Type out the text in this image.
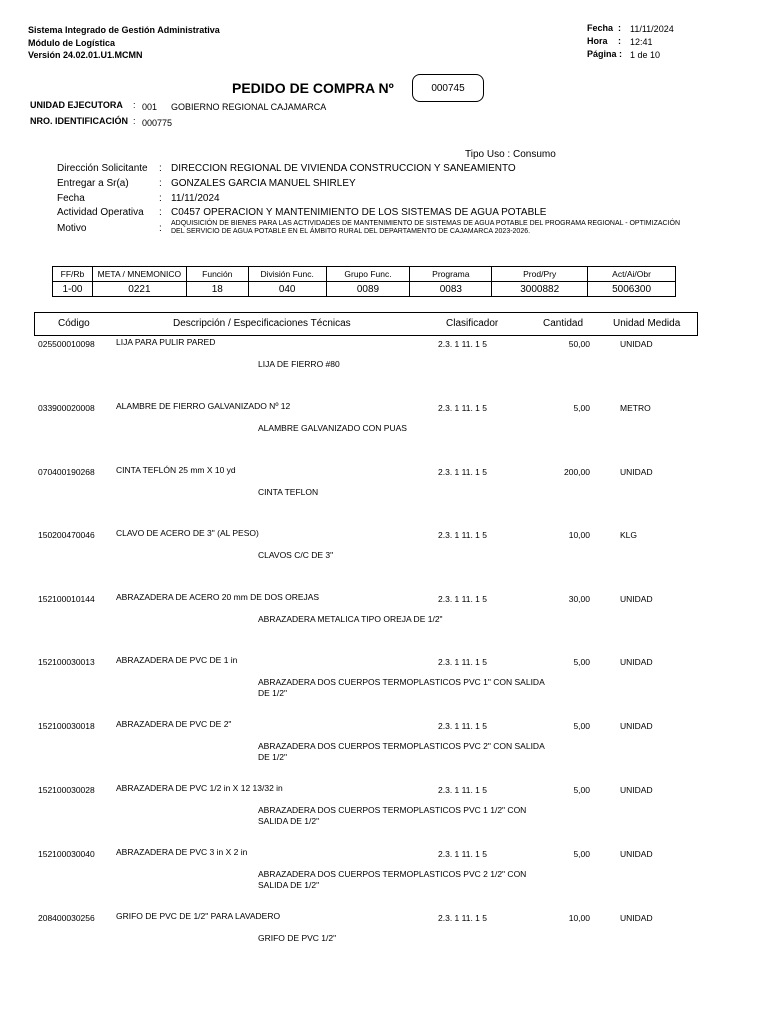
Sistema Integrado de Gestión Administrativa
Módulo de Logística
Versión 24.02.01.U1.MCMN
Fecha : 11/11/2024
Hora : 12:41
Página : 1 de 10
PEDIDO DE COMPRA Nº	000745
UNIDAD EJECUTORA : 001 GOBIERNO REGIONAL CAJAMARCA
NRO. IDENTIFICACIÓN : 000775
Tipo Uso : Consumo
Dirección Solicitante : DIRECCION REGIONAL DE VIVIENDA CONSTRUCCION Y SANEAMIENTO
Entregar a Sr(a)	: GONZALES GARCIA MANUEL SHIRLEY
Fecha	: 11/11/2024
Actividad Operativa : C0457 OPERACION Y MANTENIMIENTO DE LOS SISTEMAS DE AGUA POTABLE
Motivo	: ADQUISICIÓN DE BIENES PARA LAS ACTIVIDADES DE MANTENIMIENTO DE SISTEMAS DE AGUA POTABLE DEL PROGRAMA REGIONAL - OPTIMIZACIÓN DEL SERVICIO DE AGUA POTABLE EN EL ÁMBITO RURAL DEL DEPARTAMENTO DE CAJAMARCA 2023-2026.
FF/Rb	META / MNEMONICO	Función	División Func.	Grupo Func.	Programa	Prod/Pry	Act/Ai/Obr
1-00	0221	18	040	0089	0083	3000882	5006300
Código	Descripción / Especificaciones Técnicas	Clasificador	Cantidad	Unidad Medida
025500010098	LIJA PARA PULIR PARED	2.3. 1 11. 1 5	50,00	UNIDAD
LIJA DE FIERRO #80
033900020008	ALAMBRE DE FIERRO GALVANIZADO Nº 12	2.3. 1 11. 1 5	5,00	METRO
ALAMBRE GALVANIZADO CON PUAS
070400190268	CINTA TEFLÓN 25 mm X 10 yd	2.3. 1 11. 1 5	200,00	UNIDAD
CINTA TEFLON
150200470046	CLAVO DE ACERO DE 3" (AL PESO)	2.3. 1 11. 1 5	10,00	KLG
CLAVOS C/C DE 3"
152100010144	ABRAZADERA DE ACERO 20 mm DE DOS OREJAS	2.3. 1 11. 1 5	30,00	UNIDAD
ABRAZADERA METALICA TIPO OREJA DE 1/2"
152100030013	ABRAZADERA DE PVC DE 1 in	2.3. 1 11. 1 5	5,00	UNIDAD
ABRAZADERA DOS CUERPOS TERMOPLASTICOS PVC 1" CON SALIDA DE 1/2"
152100030018	ABRAZADERA DE PVC DE 2"	2.3. 1 11. 1 5	5,00	UNIDAD
ABRAZADERA DOS CUERPOS TERMOPLASTICOS PVC 2" CON SALIDA DE 1/2"
152100030028	ABRAZADERA DE PVC 1/2 in X 12 13/32 in	2.3. 1 11. 1 5	5,00	UNIDAD
ABRAZADERA DOS CUERPOS TERMOPLASTICOS PVC 1 1/2" CON SALIDA DE 1/2"
152100030040	ABRAZADERA DE PVC 3 in X 2 in	2.3. 1 11. 1 5	5,00	UNIDAD
ABRAZADERA DOS CUERPOS TERMOPLASTICOS PVC 2 1/2" CON SALIDA DE 1/2"
208400030256	GRIFO DE PVC DE 1/2" PARA LAVADERO	2.3. 1 11. 1 5	10,00	UNIDAD
GRIFO DE PVC 1/2"
